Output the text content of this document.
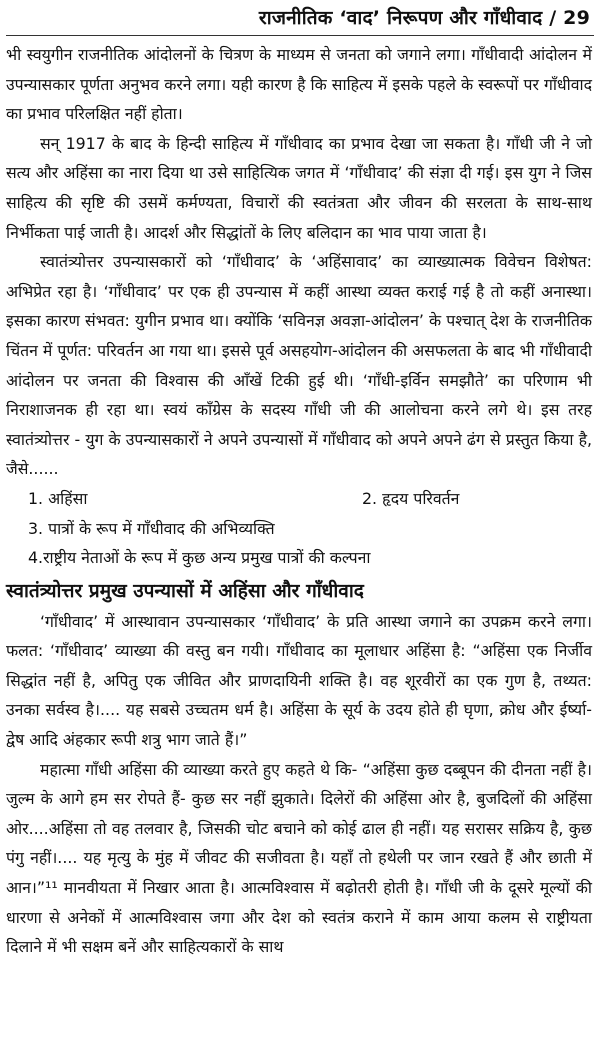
राजनीतिक ‘वाद’ निरूपण और गाँधीवाद / 29

भी स्वयुगीन राजनीतिक आंदोलनों के चित्रण के माध्यम से जनता को जगाने लगा। गाँधीवादी आंदोलन में उपन्यासकार पूर्णता अनुभव करने लगा। यही कारण है कि साहित्य में इसके पहले के स्वरूपों पर गाँधीवाद का प्रभाव परिलक्षित नहीं होता।

सन् 1917 के बाद के हिन्दी साहित्य में गाँधीवाद का प्रभाव देखा जा सकता है। गाँधी जी ने जो सत्य और अहिंसा का नारा दिया था उसे साहित्यिक जगत में ‘गाँधीवाद’ की संज्ञा दी गई। इस युग ने जिस साहित्य की सृष्टि की उसमें कर्मण्यता, विचारों की स्वतंत्रता और जीवन की सरलता के साथ-साथ निर्भीकता पाई जाती है। आदर्श और सिद्धांतों के लिए बलिदान का भाव पाया जाता है।

स्वातंत्र्योत्तर उपन्यासकारों को ‘गाँधीवाद’ के ‘अहिंसावाद’ का व्याख्यात्मक विवेचन विशेषत: अभिप्रेत रहा है। ‘गाँधीवाद’ पर एक ही उपन्यास में कहीं आस्था व्यक्त कराई गई है तो कहीं अनास्था। इसका कारण संभवत: युगीन प्रभाव था। क्योंकि ‘सविनज्ञ अवज्ञा-आंदोलन’ के पश्चात् देश के राजनीतिक चिंतन में पूर्णत: परिवर्तन आ गया था। इससे पूर्व असहयोग-आंदोलन की असफलता के बाद भी गाँधीवादी आंदोलन पर जनता की विश्वास की आँखें टिकी हुई थी। ‘गाँधी-इर्विन समझौते’ का परिणाम भी निराशाजनक ही रहा था। स्वयं काँग्रेस के सदस्य गाँधी जी की आलोचना करने लगे थे। इस तरह स्वातंत्र्योत्तर - युग के उपन्यासकारों ने अपने उपन्यासों में गाँधीवाद को अपने अपने ढंग से प्रस्तुत किया है, जैसे......

1. अहिंसा	2. हृदय परिवर्तन
3. पात्रों के रूप में गाँधीवाद की अभिव्यक्ति
4.राष्ट्रीय नेताओं के रूप में कुछ अन्य प्रमुख पात्रों की कल्पना
स्वातंत्र्योत्तर प्रमुख उपन्यासों में अहिंसा और गाँधीवाद

‘गाँधीवाद’ में आस्थावान उपन्यासकार ‘गाँधीवाद’ के प्रति आस्था जगाने का उपक्रम करने लगा। फलत: ‘गाँधीवाद’ व्याख्या की वस्तु बन गयी। गाँधीवाद का मूलाधार अहिंसा है: “अहिंसा एक निर्जीव सिद्धांत नहीं है, अपितु एक जीवित और प्राणदायिनी शक्ति है। वह शूरवीरों का एक गुण है, तथ्यत: उनका सर्वस्व है।.... यह सबसे उच्चतम धर्म है। अहिंसा के सूर्य के उदय होते ही घृणा, क्रोध और ईर्ष्या-द्वेष आदि अंहकार रूपी शत्रु भाग जाते हैं।”

महात्मा गाँधी अहिंसा की व्याख्या करते हुए कहते थे कि- “अहिंसा कुछ दब्बूपन की दीनता नहीं है। जुल्म के आगे हम सर रोपते हैं- कुछ सर नहीं झुकाते। दिलेरों की अहिंसा ओर है, बुजदिलों की अहिंसा ओर....अहिंसा तो वह तलवार है, जिसकी चोट बचाने को कोई ढाल ही नहीं। यह सरासर सक्रिय है, कुछ पंगु नहीं।.... यह मृत्यु के मुंह में जीवट की सजीवता है। यहाँ तो हथेली पर जान रखते हैं और छाती में आन।”¹¹ मानवीयता में निखार आता है। आत्मविश्वास में बढ़ोतरी होती है। गाँधी जी के दूसरे मूल्यों की धारणा से अनेकों में आत्मविश्वास जगा और देश को स्वतंत्र कराने में काम आया कलम से राष्ट्रीयता दिलाने में भी सक्षम बनें और साहित्यकारों के साथ
